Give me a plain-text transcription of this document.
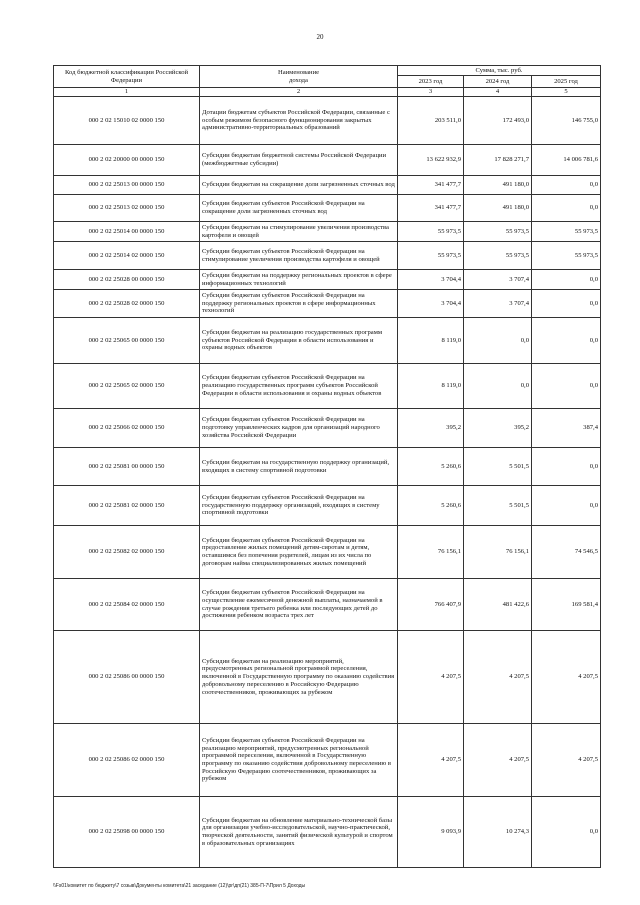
20
Код бюджетной классификации Российской Федерации	Наименование
дохода	Сумма, тыс. руб.		
		2023 год	2024 год	2025 год
1	2	3	4	5
000 2 02 15010 02 0000 150	Дотации бюджетам субъектов Российской Федерации, связанные с особым режимом безопасного функционирования закрытых административно-территориальных образований	203 511,0	172 493,0	146 755,0
000 2 02 20000 00 0000 150	Субсидии бюджетам бюджетной системы Российской Федерации (межбюджетные субсидии)	13 622 932,9	17 828 271,7	14 006 781,6
000 2 02 25013 00 0000 150	Субсидии бюджетам на сокращение доли загрязненных сточных вод	341 477,7	491 180,0	0,0
000 2 02 25013 02 0000 150	Субсидии бюджетам субъектов Российской Федерации на сокращение доли загрязненных сточных вод	341 477,7	491 180,0	0,0
000 2 02 25014 00 0000 150	Субсидии бюджетам на стимулирование увеличения производства картофеля и овощей	55 973,5	55 973,5	55 973,5
000 2 02 25014 02 0000 150	Субсидии бюджетам субъектов Российской Федерации на стимулирование увеличения производства картофеля и овощей	55 973,5	55 973,5	55 973,5
000 2 02 25028 00 0000 150	Субсидии бюджетам на поддержку региональных проектов в сфере информационных технологий	3 704,4	3 707,4	0,0
000 2 02 25028 02 0000 150	Субсидии бюджетам субъектов Российской Федерации на поддержку региональных проектов в сфере информационных технологий	3 704,4	3 707,4	0,0
000 2 02 25065 00 0000 150	Субсидии бюджетам на реализацию государственных программ субъектов Российской Федерации в области использования и охраны водных объектов	8 119,0	0,0	0,0
000 2 02 25065 02 0000 150	Субсидии бюджетам субъектов Российской Федерации на реализацию государственных программ субъектов Российской Федерации в области использования и охраны водных объектов	8 119,0	0,0	0,0
000 2 02 25066 02 0000 150	Субсидии бюджетам субъектов Российской Федерации на подготовку управленческих кадров для организаций народного хозяйства Российской Федерации	395,2	395,2	387,4
000 2 02 25081 00 0000 150	Субсидии бюджетам на государственную поддержку организаций, входящих в систему спортивной подготовки	5 260,6	5 501,5	0,0
000 2 02 25081 02 0000 150	Субсидии бюджетам субъектов Российской Федерации на государственную поддержку организаций, входящих в систему спортивной подготовки	5 260,6	5 501,5	0,0
000 2 02 25082 02 0000 150	Субсидии бюджетам субъектов Российской Федерации на предоставление жилых помещений детям-сиротам и детям, оставшимся без попечения родителей, лицам из их числа по договорам найма специализированных жилых помещений	76 156,1	76 156,1	74 546,5
000 2 02 25084 02 0000 150	Субсидии бюджетам субъектов Российской Федерации на осуществление ежемесячной денежной выплаты, назначаемой в случае рождения третьего ребенка или последующих детей до достижения ребенком возраста трех лет	766 407,9	481 422,6	169 581,4
000 2 02 25086 00 0000 150	Субсидии бюджетам на реализацию мероприятий, предусмотренных региональной программой переселения, включенной в Государственную программу по оказанию содействия добровольному переселению в Российскую Федерацию соотечественников, проживающих за рубежом	4 207,5	4 207,5	4 207,5
000 2 02 25086 02 0000 150	Субсидии бюджетам субъектов Российской Федерации на реализацию мероприятий, предусмотренных региональной программой переселения, включенной в Государственную программу по оказанию содействия добровольному переселению в Российскую Федерацию соотечественников, проживающих за рубежом	4 207,5	4 207,5	4 207,5
000 2 02 25098 00 0000 150	Субсидии бюджетам на обновление материально-технической базы для организации учебно-исследовательской, научно-практической, творческой деятельности, занятий физической культурой и спортом в образовательных организациях	9 093,9	10 274,3	0,0
\\Fs01\комитет по бюджету\7 созыв\Документы комитета\21 заседание (12)\pr\дп(21) 385-П-7\Прил 5 Доходы
